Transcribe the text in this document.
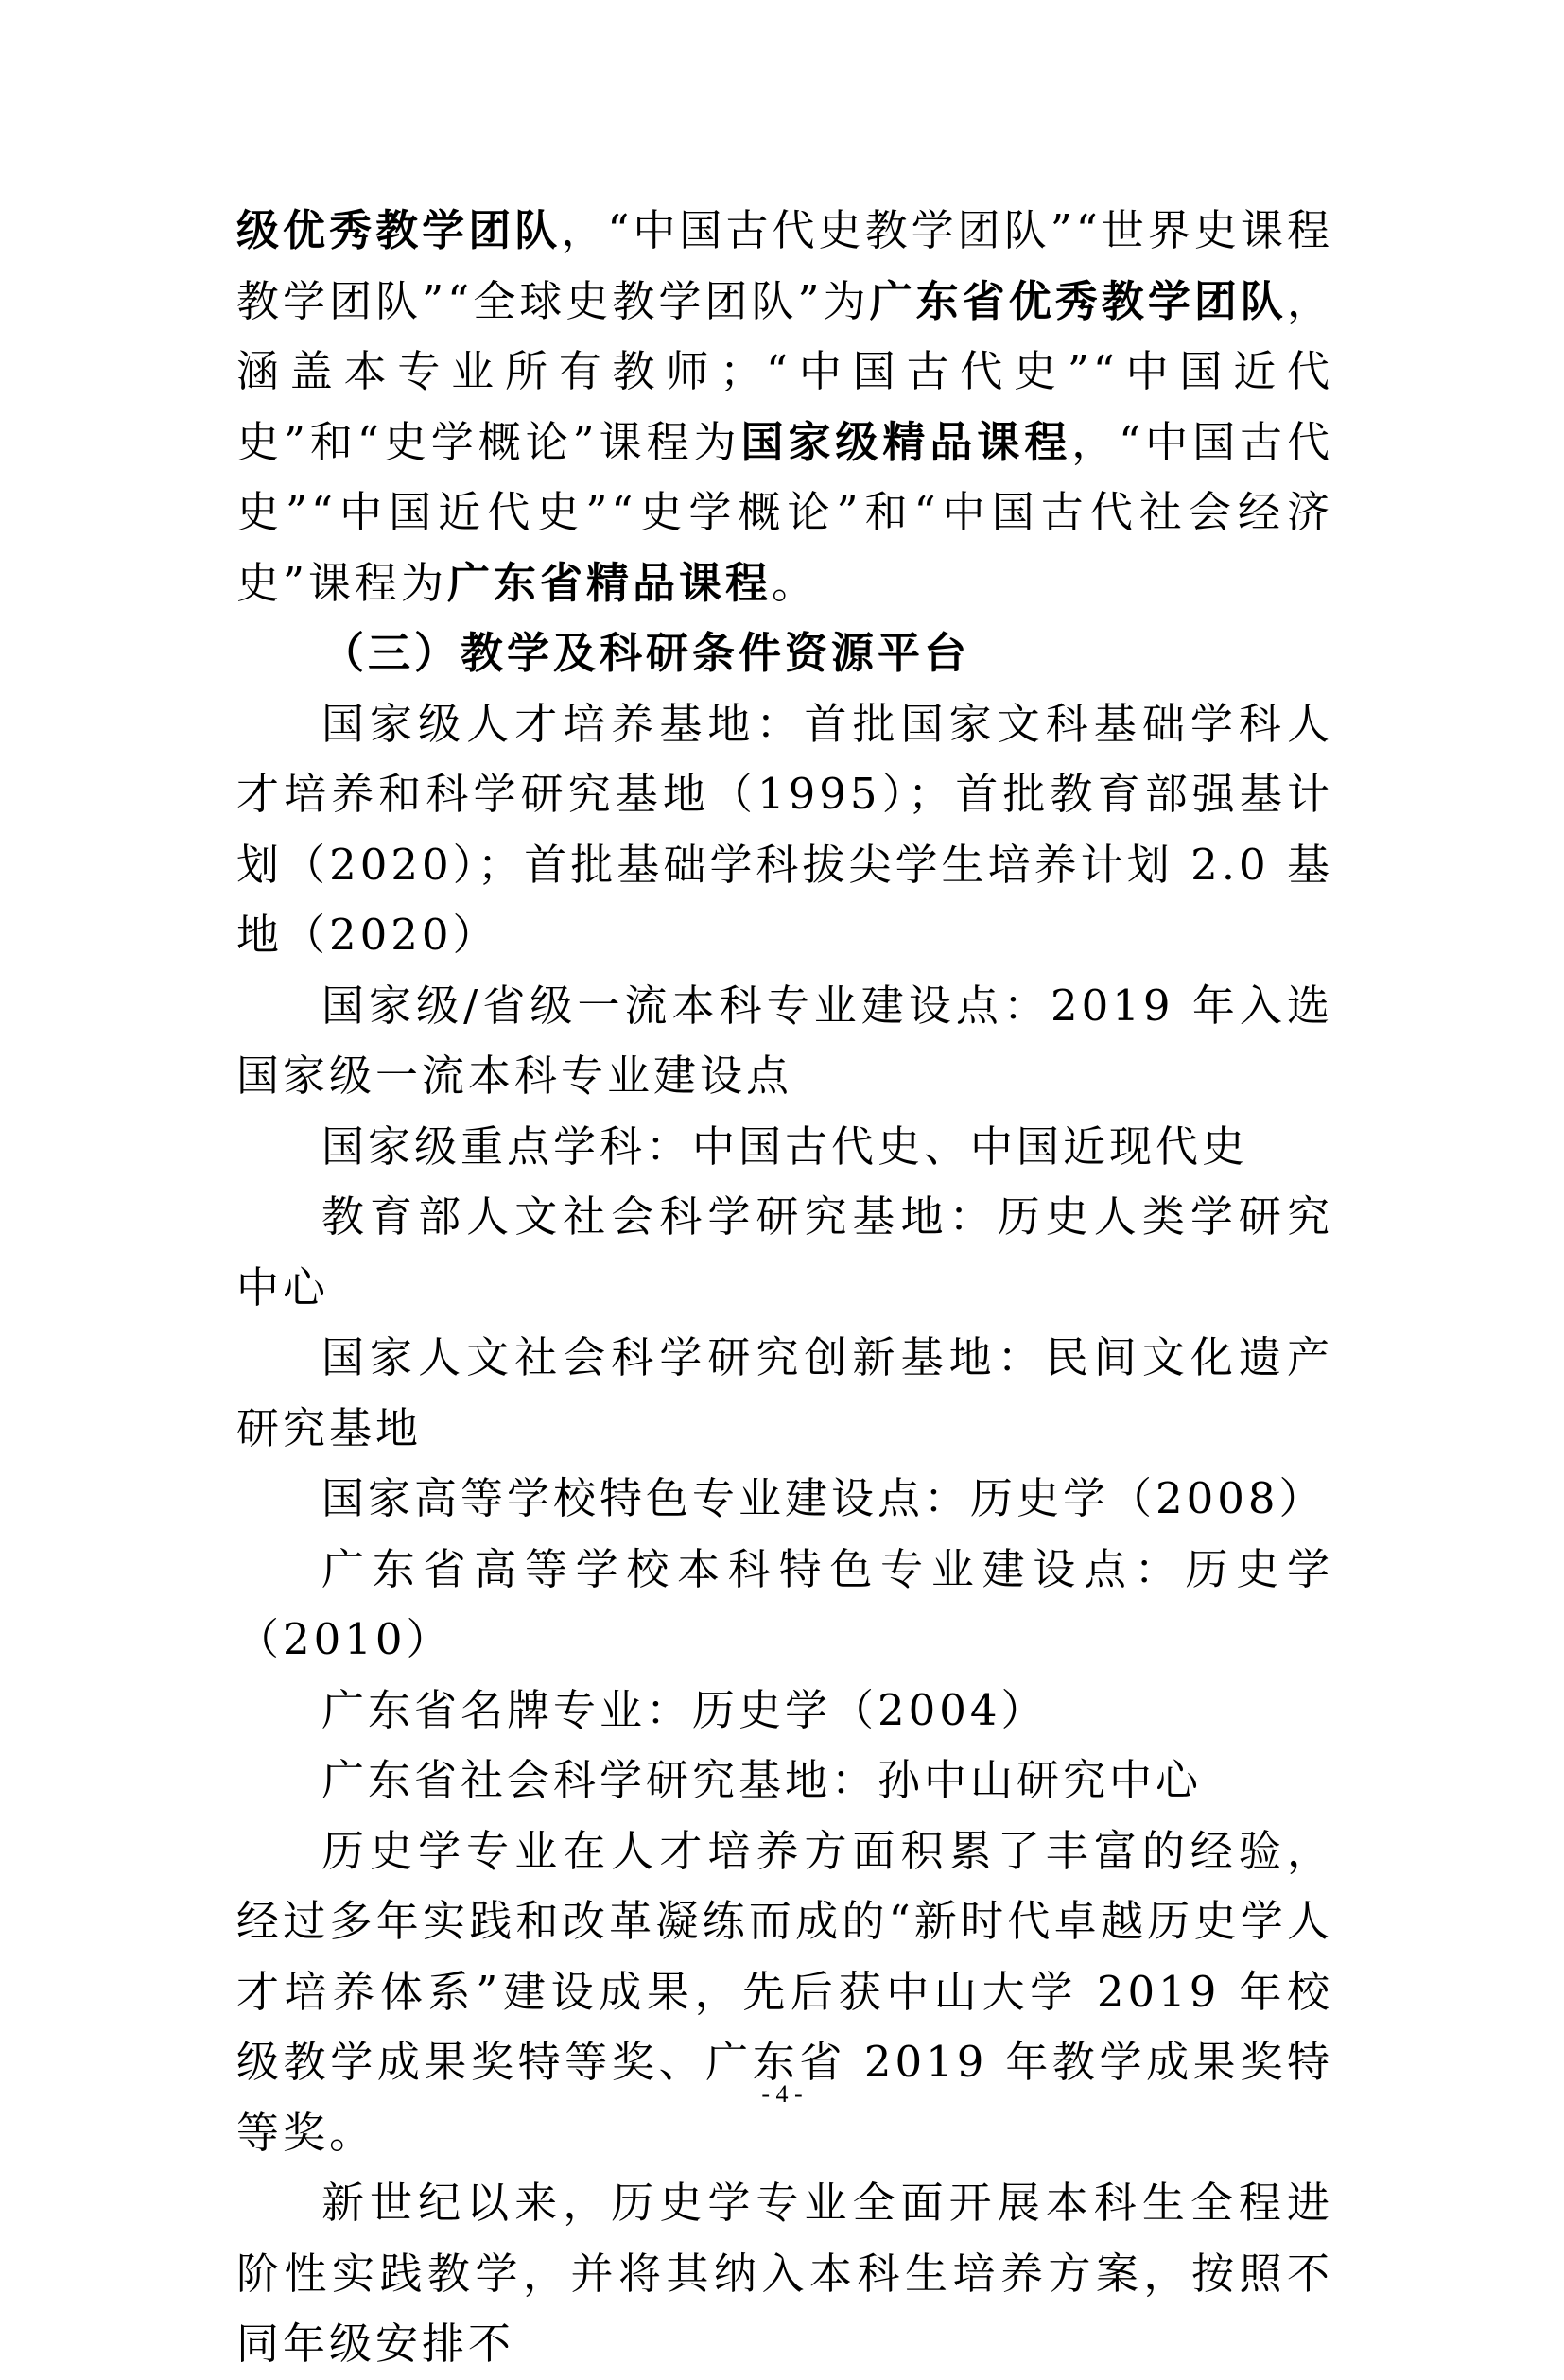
级优秀教学团队，“中国古代史教学团队”“世界史课程教学团队”“全球史教学团队”为广东省优秀教学团队，涵盖本专业所有教师；“中国古代史”“中国近代史”和“史学概论”课程为国家级精品课程，“中国古代史”“中国近代史”“史学概论”和“中国古代社会经济史”课程为广东省精品课程。

（三）教学及科研条件资源平台

国家级人才培养基地：首批国家文科基础学科人才培养和科学研究基地（1995）；首批教育部强基计划（2020）；首批基础学科拔尖学生培养计划 2.0 基地（2020）

国家级/省级一流本科专业建设点：2019 年入选国家级一流本科专业建设点

国家级重点学科：中国古代史、中国近现代史

教育部人文社会科学研究基地：历史人类学研究中心

国家人文社会科学研究创新基地：民间文化遗产研究基地

国家高等学校特色专业建设点：历史学（2008）

广东省高等学校本科特色专业建设点：历史学（2010）

广东省名牌专业：历史学（2004）

广东省社会科学研究基地：孙中山研究中心

历史学专业在人才培养方面积累了丰富的经验，经过多年实践和改革凝练而成的“新时代卓越历史学人才培养体系”建设成果，先后获中山大学 2019 年校级教学成果奖特等奖、广东省 2019 年教学成果奖特等奖。

新世纪以来，历史学专业全面开展本科生全程进阶性实践教学，并将其纳入本科生培养方案，按照不同年级安排不

- 4 -
